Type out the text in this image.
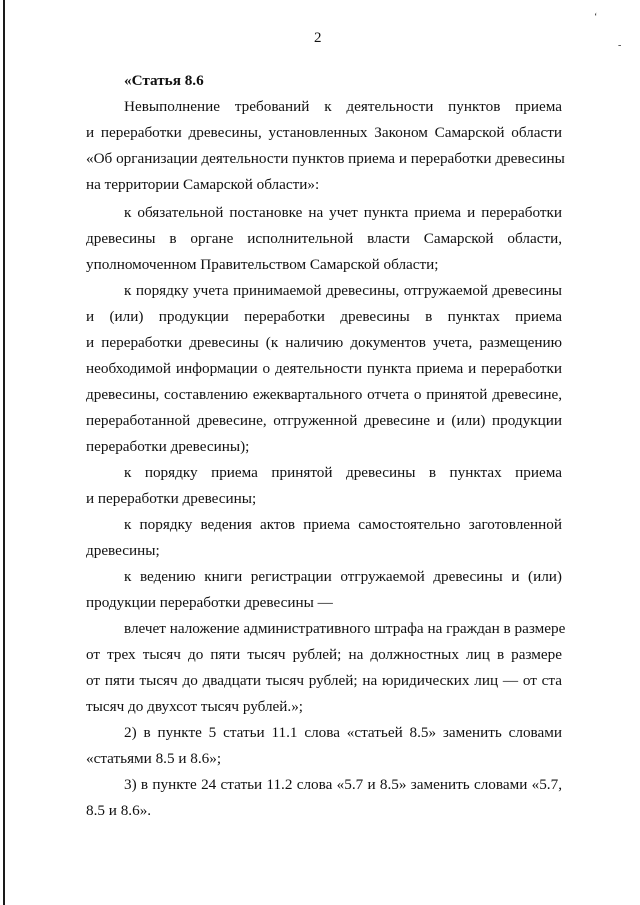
‘
-
2
«Статья 8.6
Невыполнение требований к деятельности пунктов приема
и переработки древесины, установленных Законом Самарской области
«Об организации деятельности пунктов приема и переработки древесины
на территории Самарской области»:
к обязательной постановке на учет пункта приема и переработки
древесины в органе исполнительной власти Самарской области,
уполномоченном Правительством Самарской области;
к порядку учета принимаемой древесины, отгружаемой древесины
и (или) продукции переработки древесины в пунктах приема
и переработки древесины (к наличию документов учета, размещению
необходимой информации о деятельности пункта приема и переработки
древесины, составлению ежеквартального отчета о принятой древесине,
переработанной древесине, отгруженной древесине и (или) продукции
переработки древесины);
к порядку приема принятой древесины в пунктах приема
и переработки древесины;
к порядку ведения актов приема самостоятельно заготовленной
древесины;
к ведению книги регистрации отгружаемой древесины и (или)
продукции переработки древесины —
влечет наложение административного штрафа на граждан в размере
от трех тысяч до пяти тысяч рублей; на должностных лиц в размере
от пяти тысяч до двадцати тысяч рублей; на юридических лиц — от ста
тысяч до двухсот тысяч рублей.»;
2) в пункте 5 статьи 11.1 слова «статьей 8.5» заменить словами
«статьями 8.5 и 8.6»;
3) в пункте 24 статьи 11.2 слова «5.7 и 8.5» заменить словами «5.7,
8.5 и 8.6».
